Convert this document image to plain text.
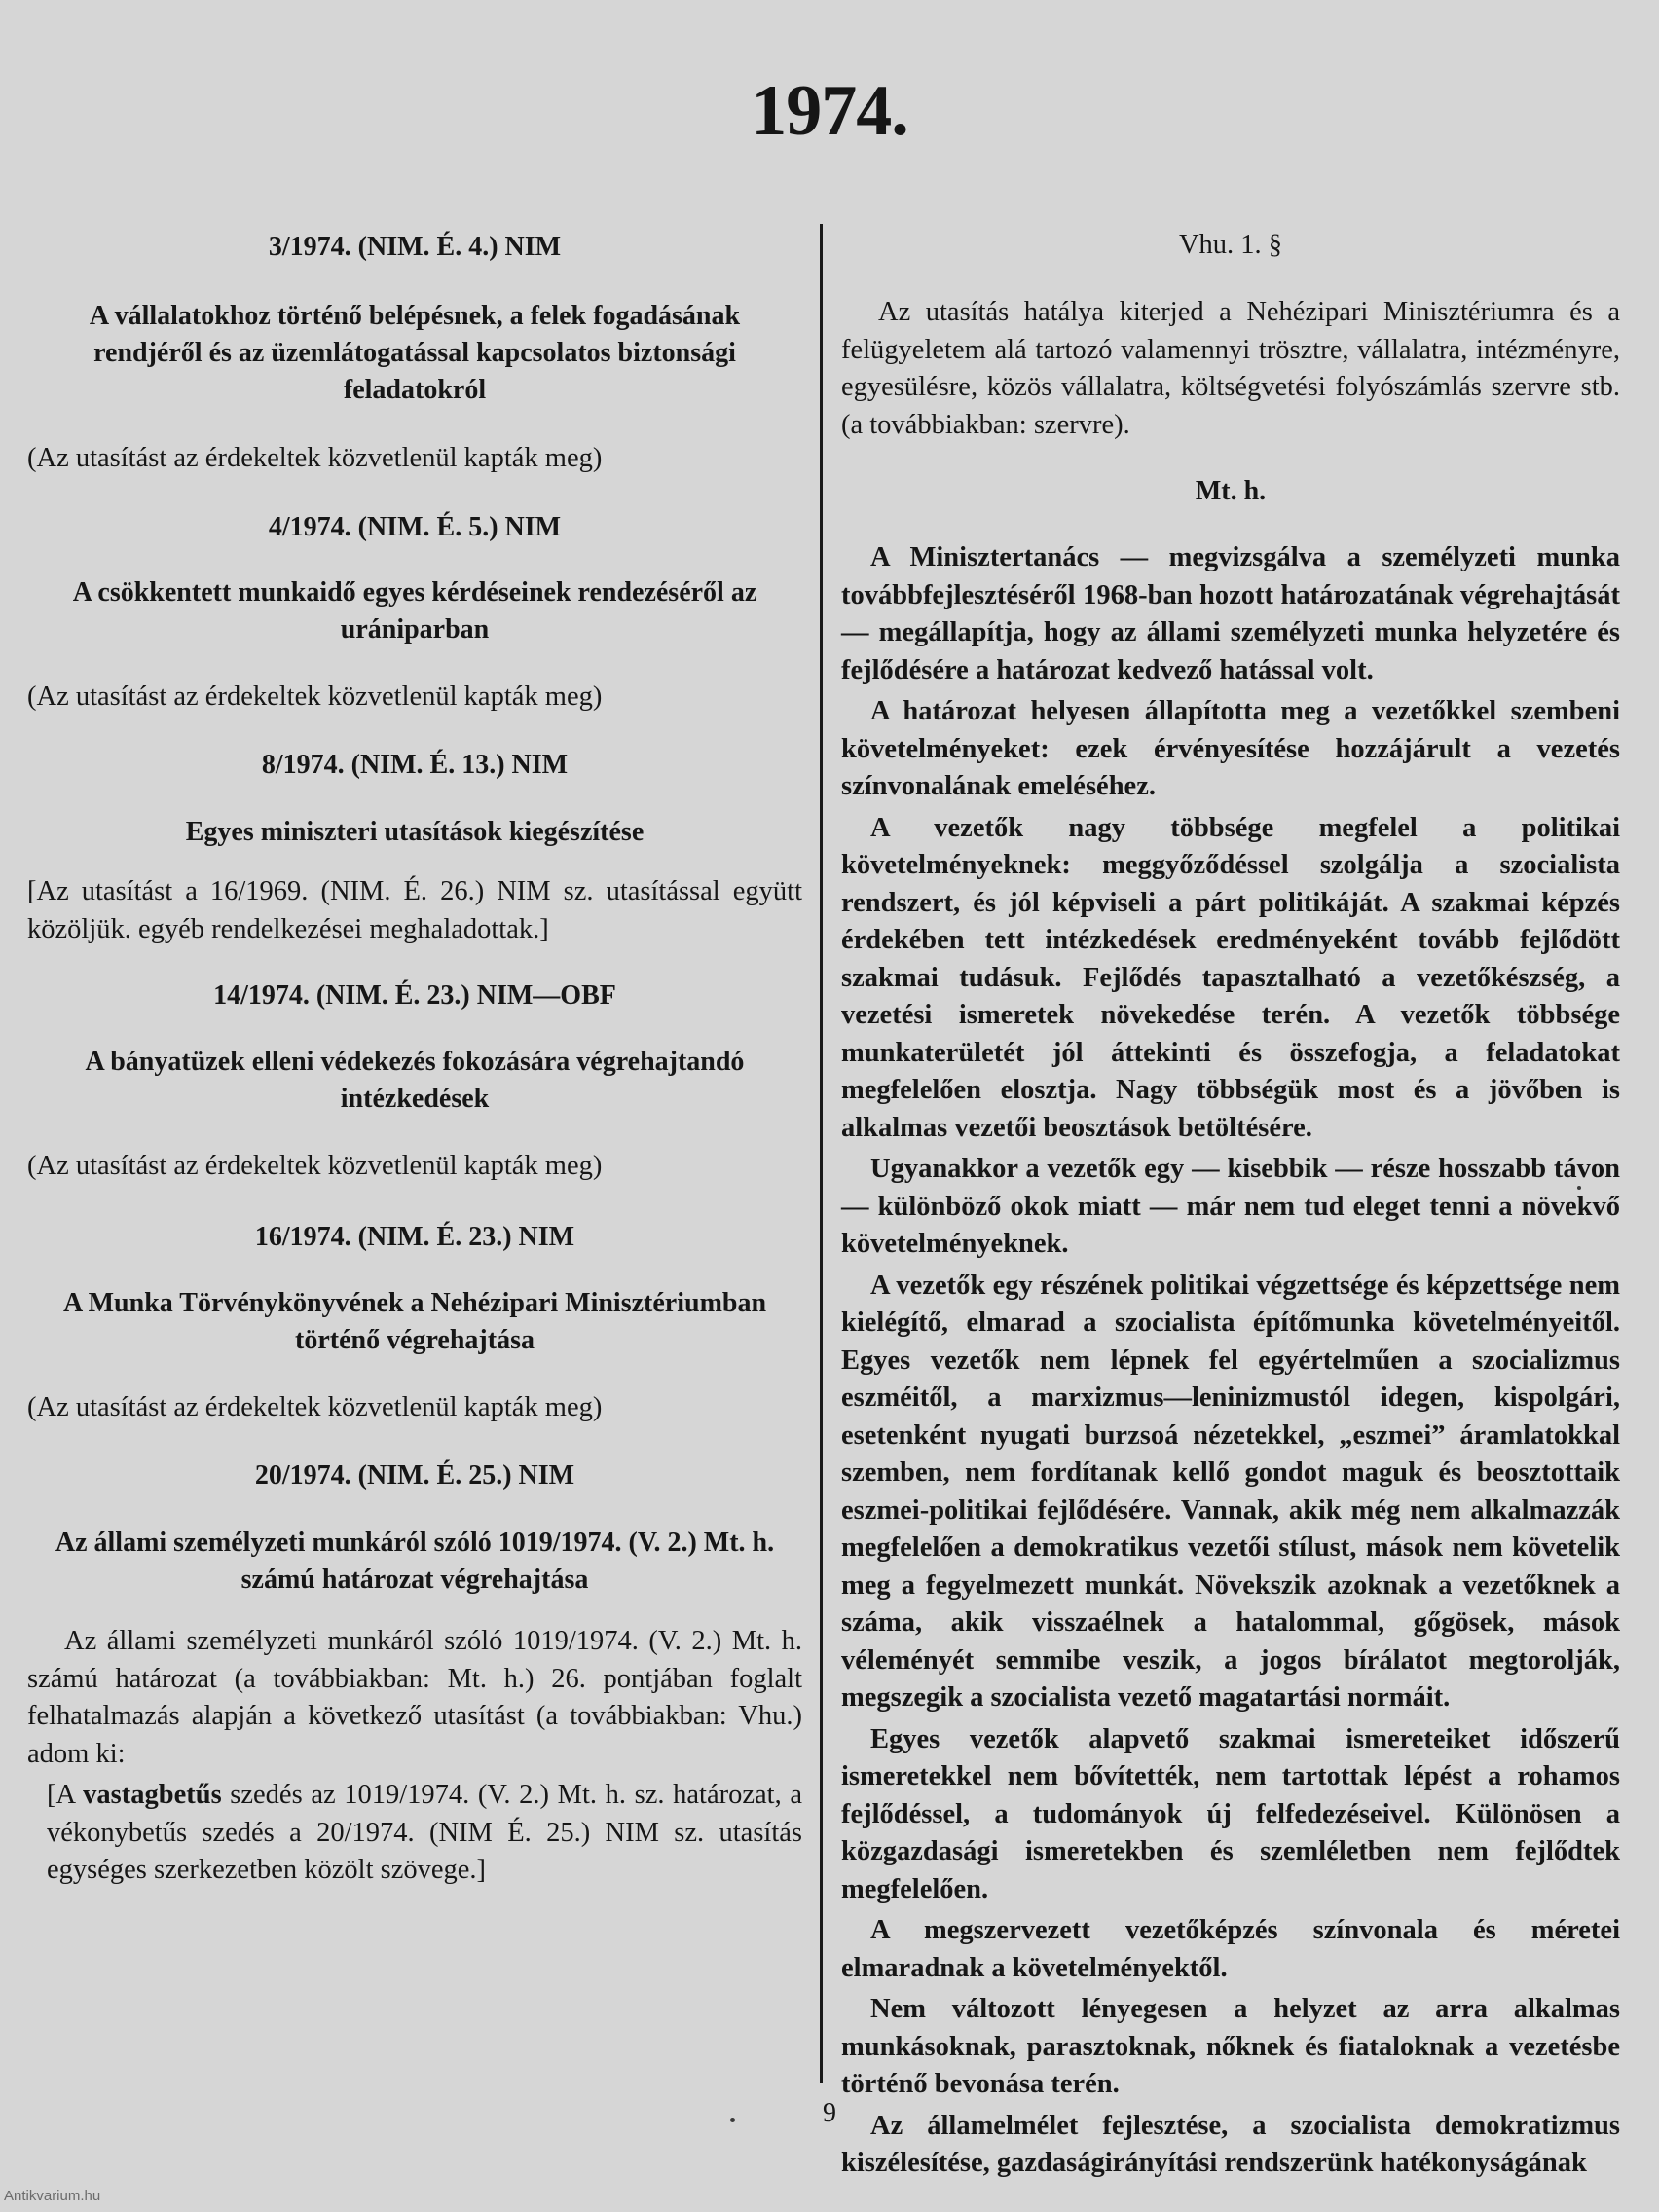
1974.
3/1974. (NIM. É. 4.) NIM
A vállalatokhoz történő belépésnek, a felek fogadásának rendjéről és az üzemlátogatással kapcsolatos biztonsági feladatokról
(Az utasítást az érdekeltek közvetlenül kapták meg)
4/1974. (NIM. É. 5.) NIM
A csökkentett munkaidő egyes kérdéseinek rendezéséről az urániparban
(Az utasítást az érdekeltek közvetlenül kapták meg)
8/1974. (NIM. É. 13.) NIM
Egyes miniszteri utasítások kiegészítése
[Az utasítást a 16/1969. (NIM. É. 26.) NIM sz. utasítással együtt közöljük. egyéb rendelkezései meghaladottak.]
14/1974. (NIM. É. 23.) NIM—OBF
A bányatüzek elleni védekezés fokozására végrehajtandó intézkedések
(Az utasítást az érdekeltek közvetlenül kapták meg)
16/1974. (NIM. É. 23.) NIM
A Munka Törvénykönyvének a Nehézipari Minisztériumban történő végrehajtása
(Az utasítást az érdekeltek közvetlenül kapták meg)
20/1974. (NIM. É. 25.) NIM
Az állami személyzeti munkáról szóló 1019/1974. (V. 2.) Mt. h. számú határozat végrehajtása
Az állami személyzeti munkáról szóló 1019/1974. (V. 2.) Mt. h. számú határozat (a továbbiakban: Mt. h.) 26. pontjában foglalt felhatalmazás alapján a következő utasítást (a továbbiakban: Vhu.) adom ki:
[A vastagbetűs szedés az 1019/1974. (V. 2.) Mt. h. sz. határozat, a vékonybetűs szedés a 20/1974. (NIM É. 25.) NIM sz. utasítás egységes szerkezetben közölt szövege.]
Vhu. 1. §
Az utasítás hatálya kiterjed a Nehézipari Minisztériumra és a felügyeletem alá tartozó valamennyi trösztre, vállalatra, intézményre, egyesülésre, közös vállalatra, költségvetési folyószámlás szervre stb. (a továbbiakban: szervre).
Mt. h.
A Minisztertanács — megvizsgálva a személyzeti munka továbbfejlesztéséről 1968-ban hozott határozatának végrehajtását — megállapítja, hogy az állami személyzeti munka helyzetére és fejlődésére a határozat kedvező hatással volt.
A határozat helyesen állapította meg a vezetőkkel szembeni követelményeket: ezek érvényesítése hozzájárult a vezetés színvonalának emeléséhez.
A vezetők nagy többsége megfelel a politikai követelményeknek: meggyőződéssel szolgálja a szocialista rendszert, és jól képviseli a párt politikáját. A szakmai képzés érdekében tett intézkedések eredményeként tovább fejlődött szakmai tudásuk. Fejlődés tapasztalható a vezetőkészség, a vezetési ismeretek növekedése terén. A vezetők többsége munkaterületét jól áttekinti és összefogja, a feladatokat megfelelően elosztja. Nagy többségük most és a jövőben is alkalmas vezetői beosztások betöltésére.
Ugyanakkor a vezetők egy — kisebbik — része hosszabb távon — különböző okok miatt — már nem tud eleget tenni a növekvő követelményeknek.
A vezetők egy részének politikai végzettsége és képzettsége nem kielégítő, elmarad a szocialista építőmunka követelményeitől. Egyes vezetők nem lépnek fel egyértelműen a szocializmus eszméitől, a marxizmus—leninizmustól idegen, kispolgári, esetenként nyugati burzsoá nézetekkel, „eszmei” áramlatokkal szemben, nem fordítanak kellő gondot maguk és beosztottaik eszmei-politikai fejlődésére. Vannak, akik még nem alkalmazzák megfelelően a demokratikus vezetői stílust, mások nem követelik meg a fegyelmezett munkát. Növekszik azoknak a vezetőknek a száma, akik visszaélnek a hatalommal, gőgösek, mások véleményét semmibe veszik, a jogos bírálatot megtorolják, megszegik a szocialista vezető magatartási normáit.
Egyes vezetők alapvető szakmai ismereteiket időszerű ismeretekkel nem bővítették, nem tartottak lépést a rohamos fejlődéssel, a tudományok új felfedezéseivel. Különösen a közgazdasági ismeretekben és szemléletben nem fejlődtek megfelelően.
A megszervezett vezetőképzés színvonala és méretei elmaradnak a követelményektől.
Nem változott lényegesen a helyzet az arra alkalmas munkásoknak, parasztoknak, nőknek és fiataloknak a vezetésbe történő bevonása terén.
Az államelmélet fejlesztése, a szocialista demokratizmus kiszélesítése, gazdaságirányítási rendszerünk hatékonyságának
9
Antikvarium.hu
